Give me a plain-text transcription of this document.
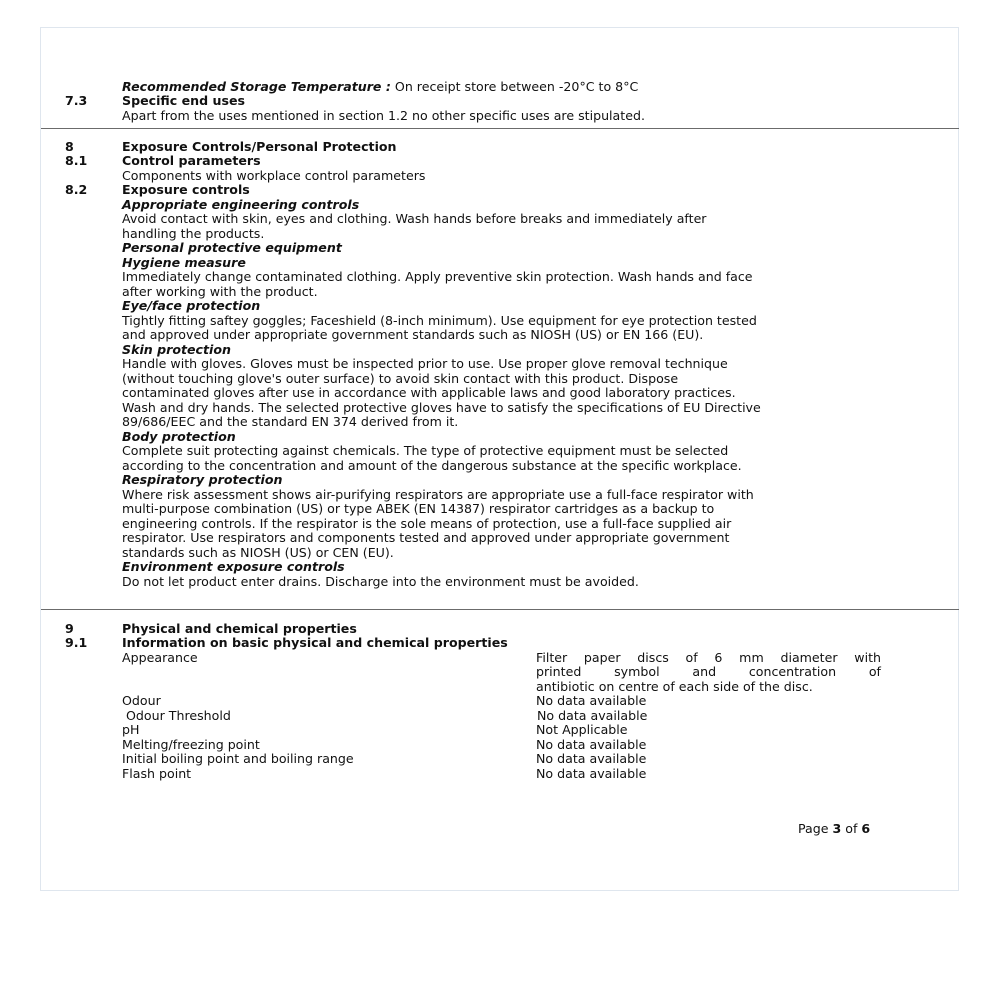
Recommended Storage Temperature : On receipt store between -20°C to 8°C
7.3	Specific end uses
Apart from the uses mentioned in section 1.2 no other specific uses are stipulated.
8	Exposure Controls/Personal Protection
8.1	Control parameters
Components with workplace control parameters
8.2	Exposure controls
Appropriate engineering controls
Avoid contact with skin, eyes and clothing. Wash hands before breaks and immediately after
handling the products.
Personal protective equipment
Hygiene measure
Immediately change contaminated clothing. Apply preventive skin protection. Wash hands and face
after working with the product.
Eye/face protection
Tightly fitting saftey goggles; Faceshield (8-inch minimum). Use equipment for eye protection tested
and approved under appropriate government standards such as NIOSH (US) or EN 166 (EU).
Skin protection
Handle with gloves. Gloves must be inspected prior to use. Use proper glove removal technique
(without touching glove's outer surface) to avoid skin contact with this product. Dispose
contaminated gloves after use in accordance with applicable laws and good laboratory practices.
Wash and dry hands. The selected protective gloves have to satisfy the specifications of EU Directive
89/686/EEC and the standard EN 374 derived from it.
Body protection
Complete suit protecting against chemicals. The type of protective equipment must be selected
according to the concentration and amount of the dangerous substance at the specific workplace.
Respiratory protection
Where risk assessment shows air-purifying respirators are appropriate use a full-face respirator with
multi-purpose combination (US) or type ABEK (EN 14387) respirator cartridges as a backup to
engineering controls. If the respirator is the sole means of protection, use a full-face supplied air
respirator. Use respirators and components tested and approved under appropriate government
standards such as NIOSH (US) or CEN (EU).
Environment exposure controls
Do not let product enter drains. Discharge into the environment must be avoided.
9	Physical and chemical properties
9.1	Information on basic physical and chemical properties
Appearance	Filter paper discs of 6 mm diameter with
printed symbol and concentration of
antibiotic on centre of each side of the disc.
Odour	No data available
Odour Threshold	No data available
pH	Not Applicable
Melting/freezing point	No data available
Initial boiling point and boiling range	No data available
Flash point	No data available
Page 3 of 6
